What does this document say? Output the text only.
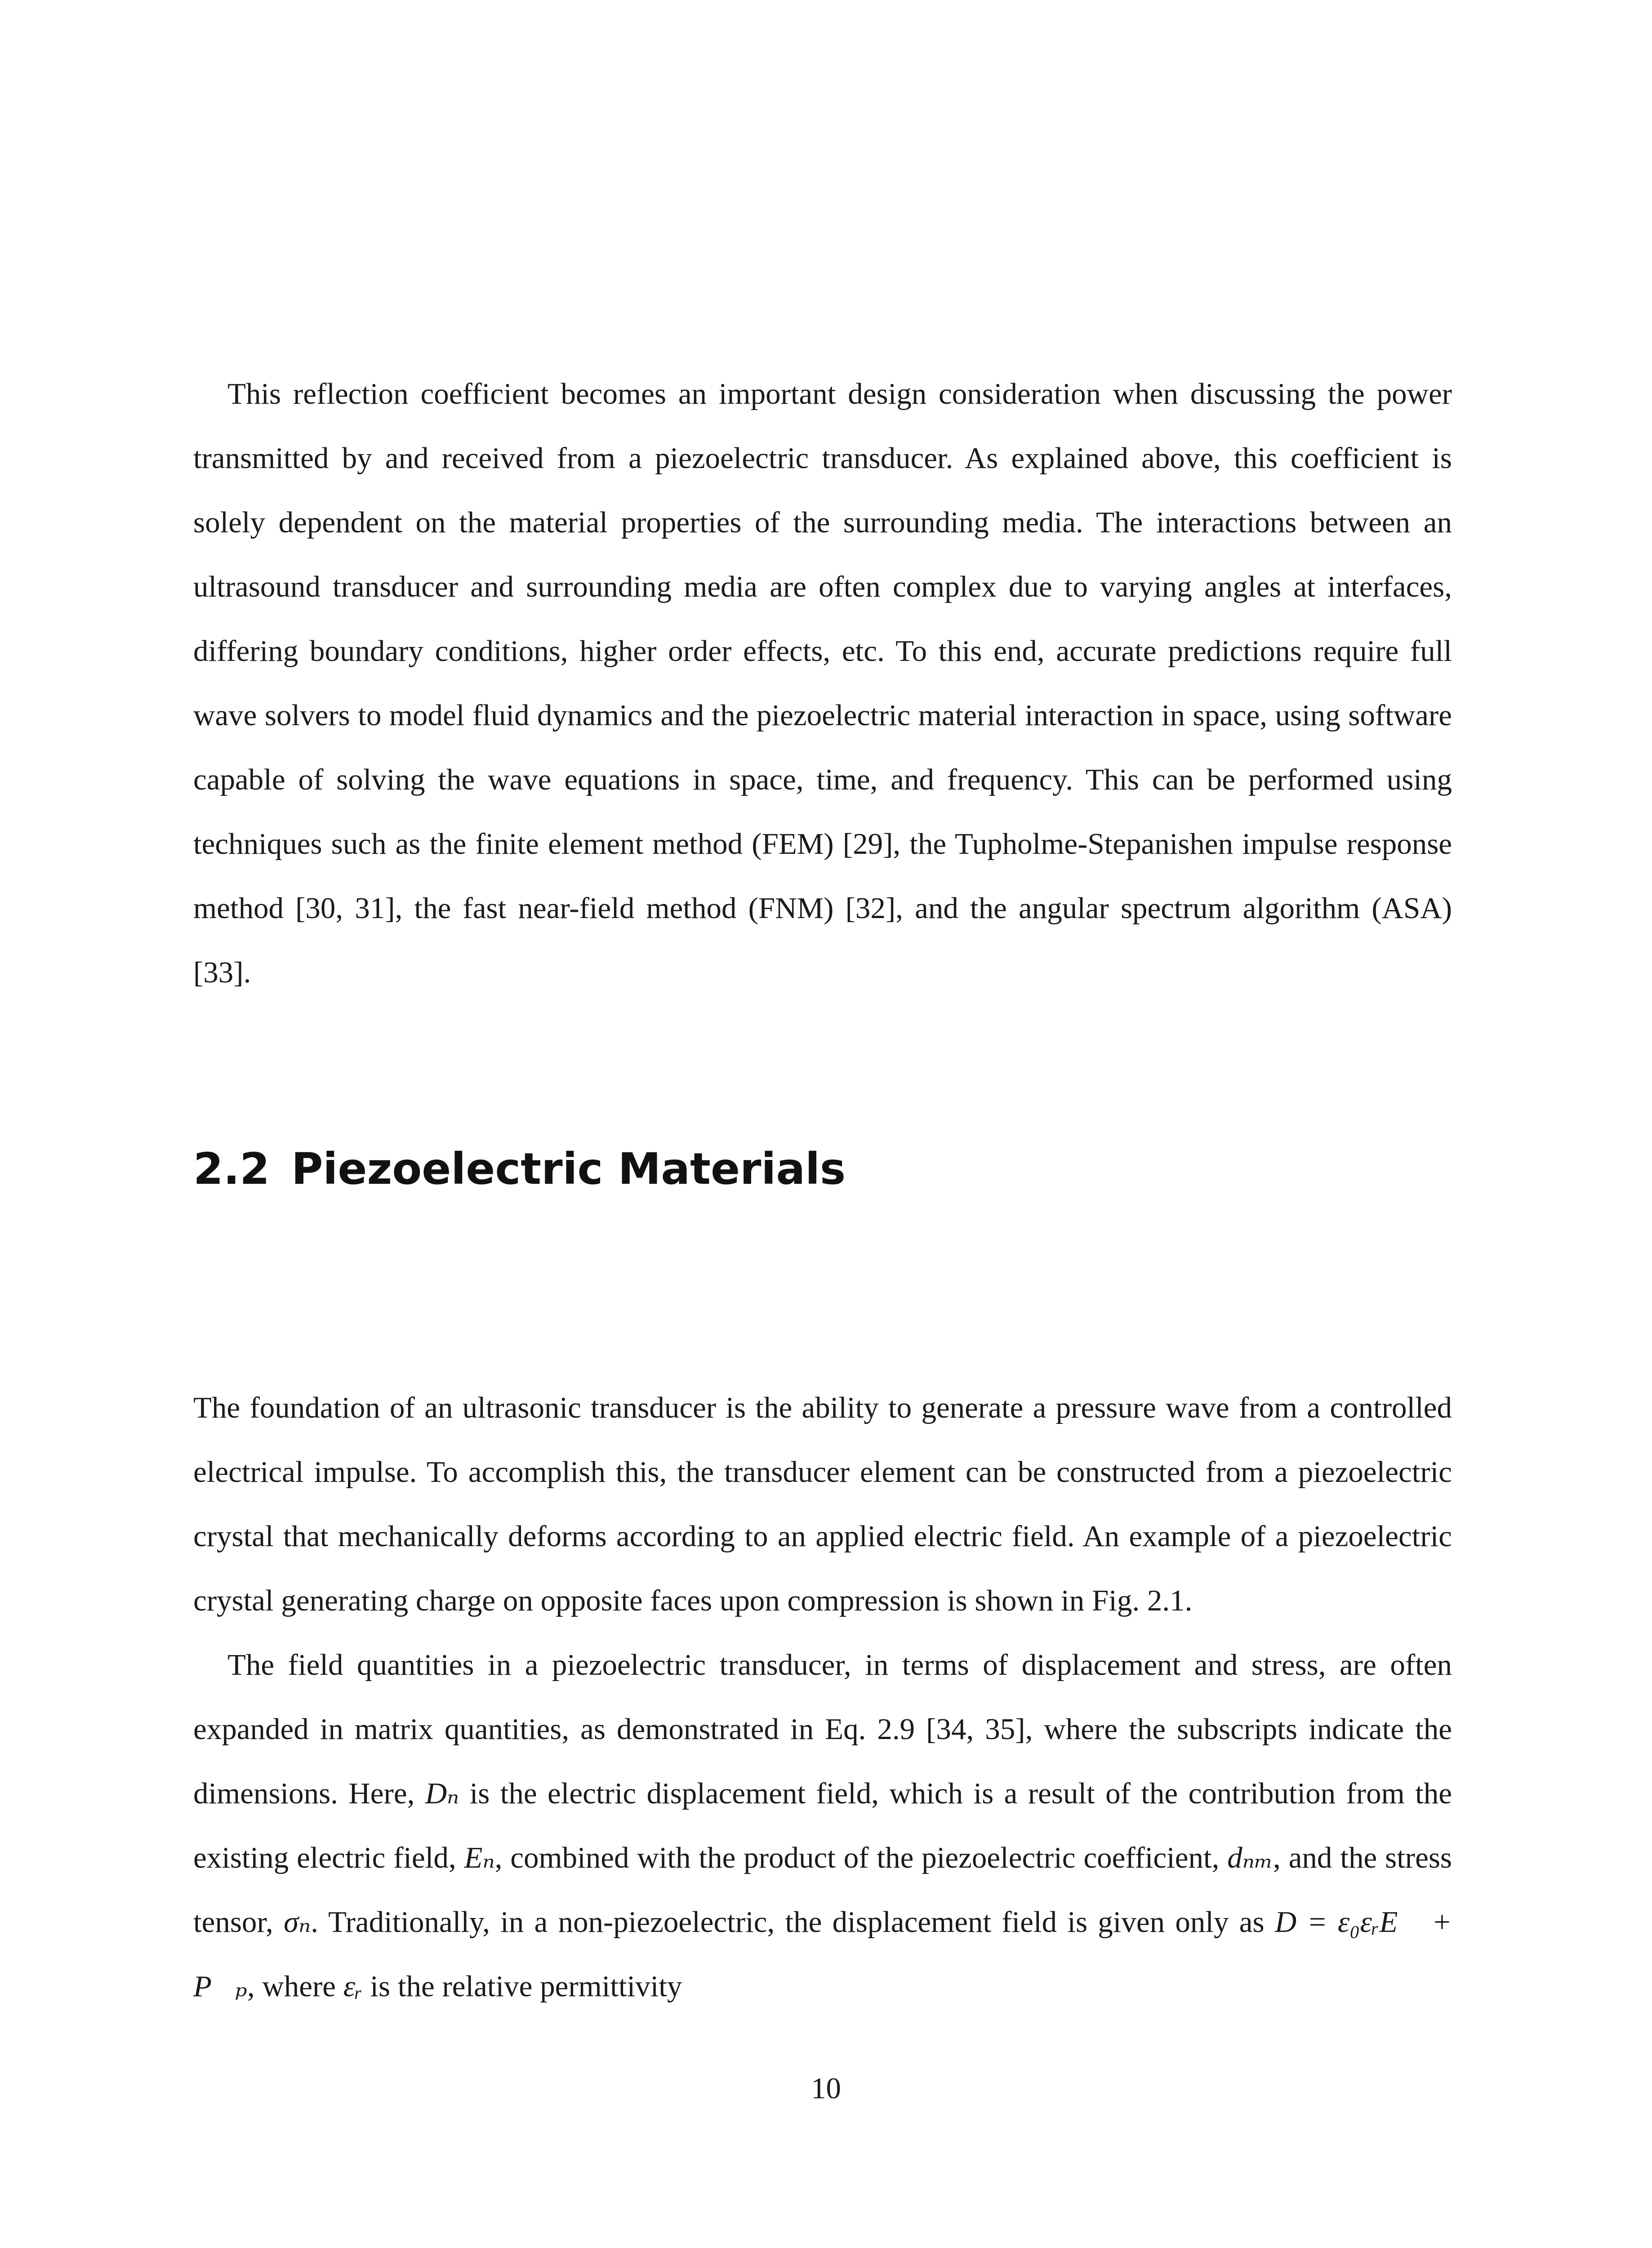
This reflection coefficient becomes an important design consideration when discussing the power transmitted by and received from a piezoelectric transducer. As explained above, this coefficient is solely dependent on the material properties of the surrounding media. The interactions between an ultrasound transducer and surrounding media are often complex due to varying angles at interfaces, differing boundary conditions, higher order effects, etc. To this end, accurate predictions require full wave solvers to model fluid dynamics and the piezoelectric material interaction in space, using software capable of solving the wave equations in space, time, and frequency. This can be performed using techniques such as the finite element method (FEM) [29], the Tupholme-Stepanishen impulse response method [30, 31], the fast near-field method (FNM) [32], and the angular spectrum algorithm (ASA) [33].

2.2 Piezoelectric Materials

The foundation of an ultrasonic transducer is the ability to generate a pressure wave from a controlled electrical impulse. To accomplish this, the transducer element can be constructed from a piezoelectric crystal that mechanically deforms according to an applied electric field. An example of a piezoelectric crystal generating charge on opposite faces upon compression is shown in Fig. 2.1.

The field quantities in a piezoelectric transducer, in terms of displacement and stress, are often expanded in matrix quantities, as demonstrated in Eq. 2.9 [34, 35], where the subscripts indicate the dimensions. Here, Dₙ is the electric displacement field, which is a result of the contribution from the existing electric field, Eₙ, combined with the product of the piezoelectric coefficient, dₙₘ, and the stress tensor, σₙ. Traditionally, in a non-piezoelectric, the displacement field is given only as D = ε₀εᵣE⃗ + P⃗ₚ, where εᵣ is the relative permittivity

10
